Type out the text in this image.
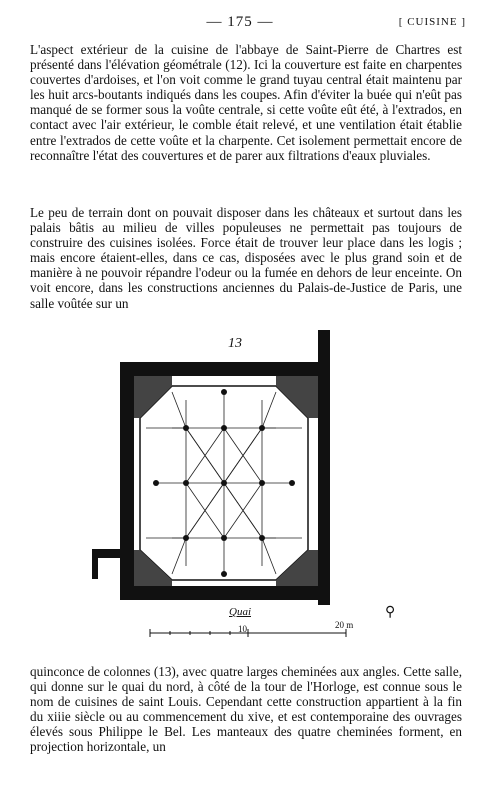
— 175 —	[ CUISINE ]

L'aspect extérieur de la cuisine de l'abbaye de Saint-Pierre de Chartres est présenté dans l'élévation géométrale (12). Ici la couverture est faite en charpentes couvertes d'ardoises, et l'on voit comme le grand tuyau central était maintenu par les huit arcs-boutants indiqués dans les coupes. Afin d'éviter la buée qui n'eût pas manqué de se former sous la voûte centrale, si cette voûte eût été, à l'extrados, en contact avec l'air extérieur, le comble était relevé, et une ventilation était établie entre l'extrados de cette voûte et la charpente. Cet isolement permettait encore de reconnaître l'état des couvertures et de parer aux filtrations d'eaux pluviales.

Le peu de terrain dont on pouvait disposer dans les châteaux et surtout dans les palais bâtis au milieu de villes populeuses ne permettait pas toujours de construire des cuisines isolées. Force était de trouver leur place dans les logis ; mais encore étaient-elles, dans ce cas, disposées avec le plus grand soin et de manière à ne pouvoir répandre l'odeur ou la fumée en dehors de leur enceinte. On voit encore, dans les constructions anciennes du Palais-de-Justice de Paris, une salle voûtée sur un

13
Quai	⚲
10	20 m

quinconce de colonnes (13), avec quatre larges cheminées aux angles. Cette salle, qui donne sur le quai du nord, à côté de la tour de l'Horloge, est connue sous le nom de cuisines de saint Louis. Cependant cette construction appartient à la fin du xiiie siècle ou au commencement du xive, et est contemporaine des ouvrages élevés sous Philippe le Bel. Les manteaux des quatre cheminées forment, en projection horizontale, un
